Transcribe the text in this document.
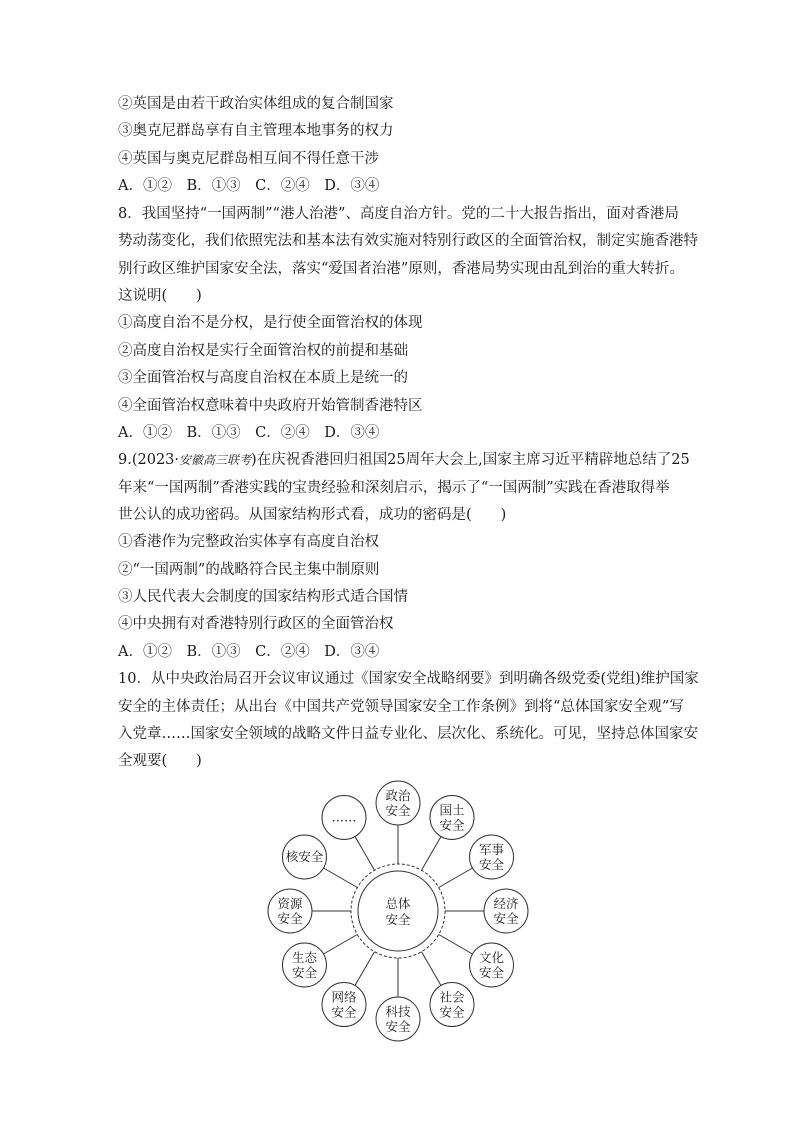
②英国是由若干政治实体组成的复合制国家
③奥克尼群岛享有自主管理本地事务的权力
④英国与奥克尼群岛相互间不得任意干涉
A．①②　B．①③　C．②④　D．③④
8．我国坚持“一国两制”“港人治港”、高度自治方针。党的二十大报告指出，面对香港局
势动荡变化，我们依照宪法和基本法有效实施对特别行政区的全面管治权，制定实施香港特
别行政区维护国家安全法，落实“爱国者治港”原则，香港局势实现由乱到治的重大转折。
这说明(　　)
①高度自治不是分权，是行使全面管治权的体现
②高度自治权是实行全面管治权的前提和基础
③全面管治权与高度自治权在本质上是统一的
④全面管治权意味着中央政府开始管制香港特区
A．①②　B．①③　C．②④　D．③④
9.(2023·安徽高三联考)在庆祝香港回归祖国25周年大会上,国家主席习近平精辟地总结了25
年来“一国两制”香港实践的宝贵经验和深刻启示，揭示了“一国两制”实践在香港取得举
世公认的成功密码。从国家结构形式看，成功的密码是(　　)
①香港作为完整政治实体享有高度自治权
②“一国两制”的战略符合民主集中制原则
③人民代表大会制度的国家结构形式适合国情
④中央拥有对香港特别行政区的全面管治权
A．①②　B．①③　C．②④　D．③④
10．从中央政治局召开会议审议通过《国家安全战略纲要》到明确各级党委(党组)维护国家
安全的主体责任；从出台《中国共产党领导国家安全工作条例》到将“总体国家安全观”写
入党章……国家安全领域的战略文件日益专业化、层次化、系统化。可见，坚持总体国家安
全观要(　　)
政治
安全 国土
安全
军事
安全
经济
安全
文化
安全
社会
安全
科技
安全
网络
安全
生态
安全
资源
安全
核安全
……
总体
安全
